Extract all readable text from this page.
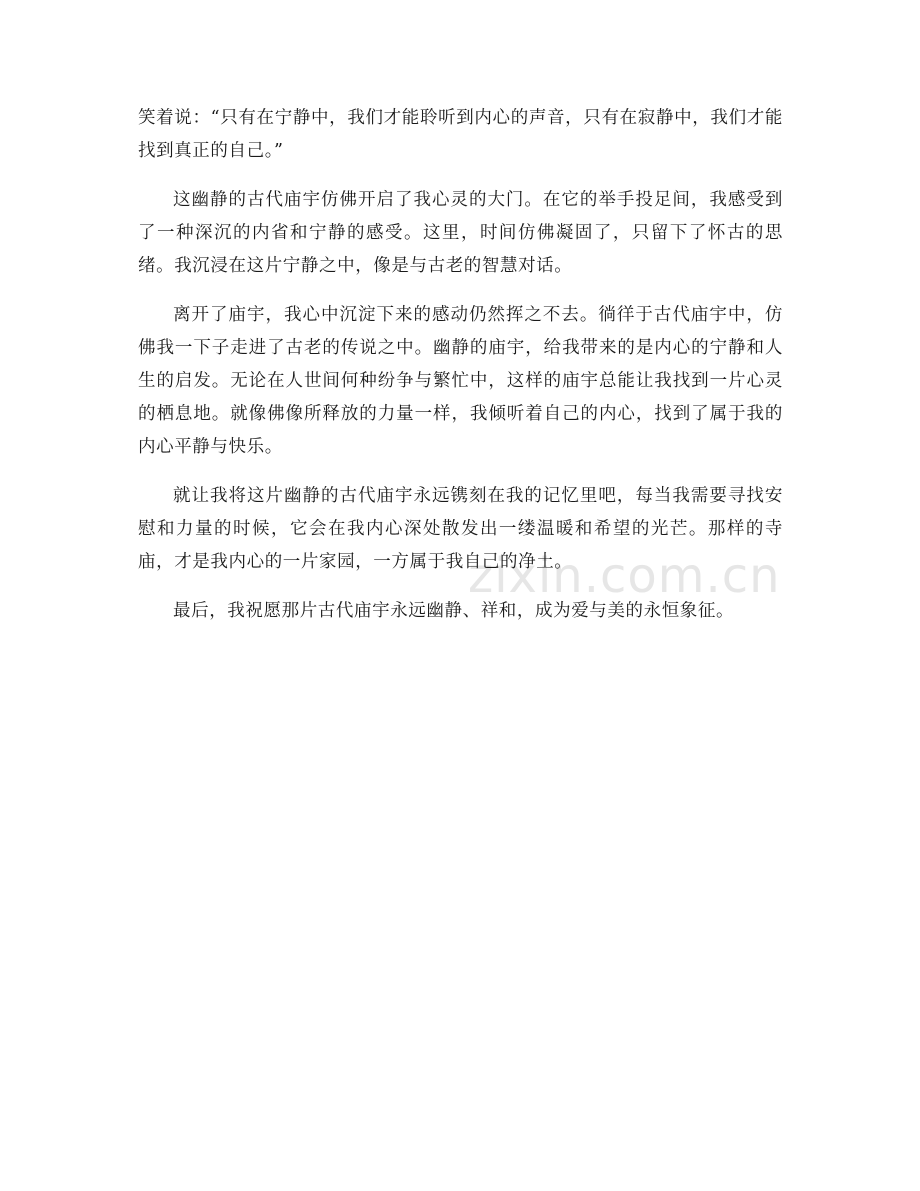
zixin.com.cn

笑着说：“只有在宁静中，我们才能聆听到内心的声音，只有在寂静中，我们才能找到真正的自己。”

这幽静的古代庙宇仿佛开启了我心灵的大门。在它的举手投足间，我感受到了一种深沉的内省和宁静的感受。这里，时间仿佛凝固了，只留下了怀古的思绪。我沉浸在这片宁静之中，像是与古老的智慧对话。

离开了庙宇，我心中沉淀下来的感动仍然挥之不去。徜徉于古代庙宇中，仿佛我一下子走进了古老的传说之中。幽静的庙宇，给我带来的是内心的宁静和人生的启发。无论在人世间何种纷争与繁忙中，这样的庙宇总能让我找到一片心灵的栖息地。就像佛像所释放的力量一样，我倾听着自己的内心，找到了属于我的内心平静与快乐。

就让我将这片幽静的古代庙宇永远镌刻在我的记忆里吧，每当我需要寻找安慰和力量的时候，它会在我内心深处散发出一缕温暖和希望的光芒。那样的寺庙，才是我内心的一片家园，一方属于我自己的净土。

最后，我祝愿那片古代庙宇永远幽静、祥和，成为爱与美的永恒象征。
